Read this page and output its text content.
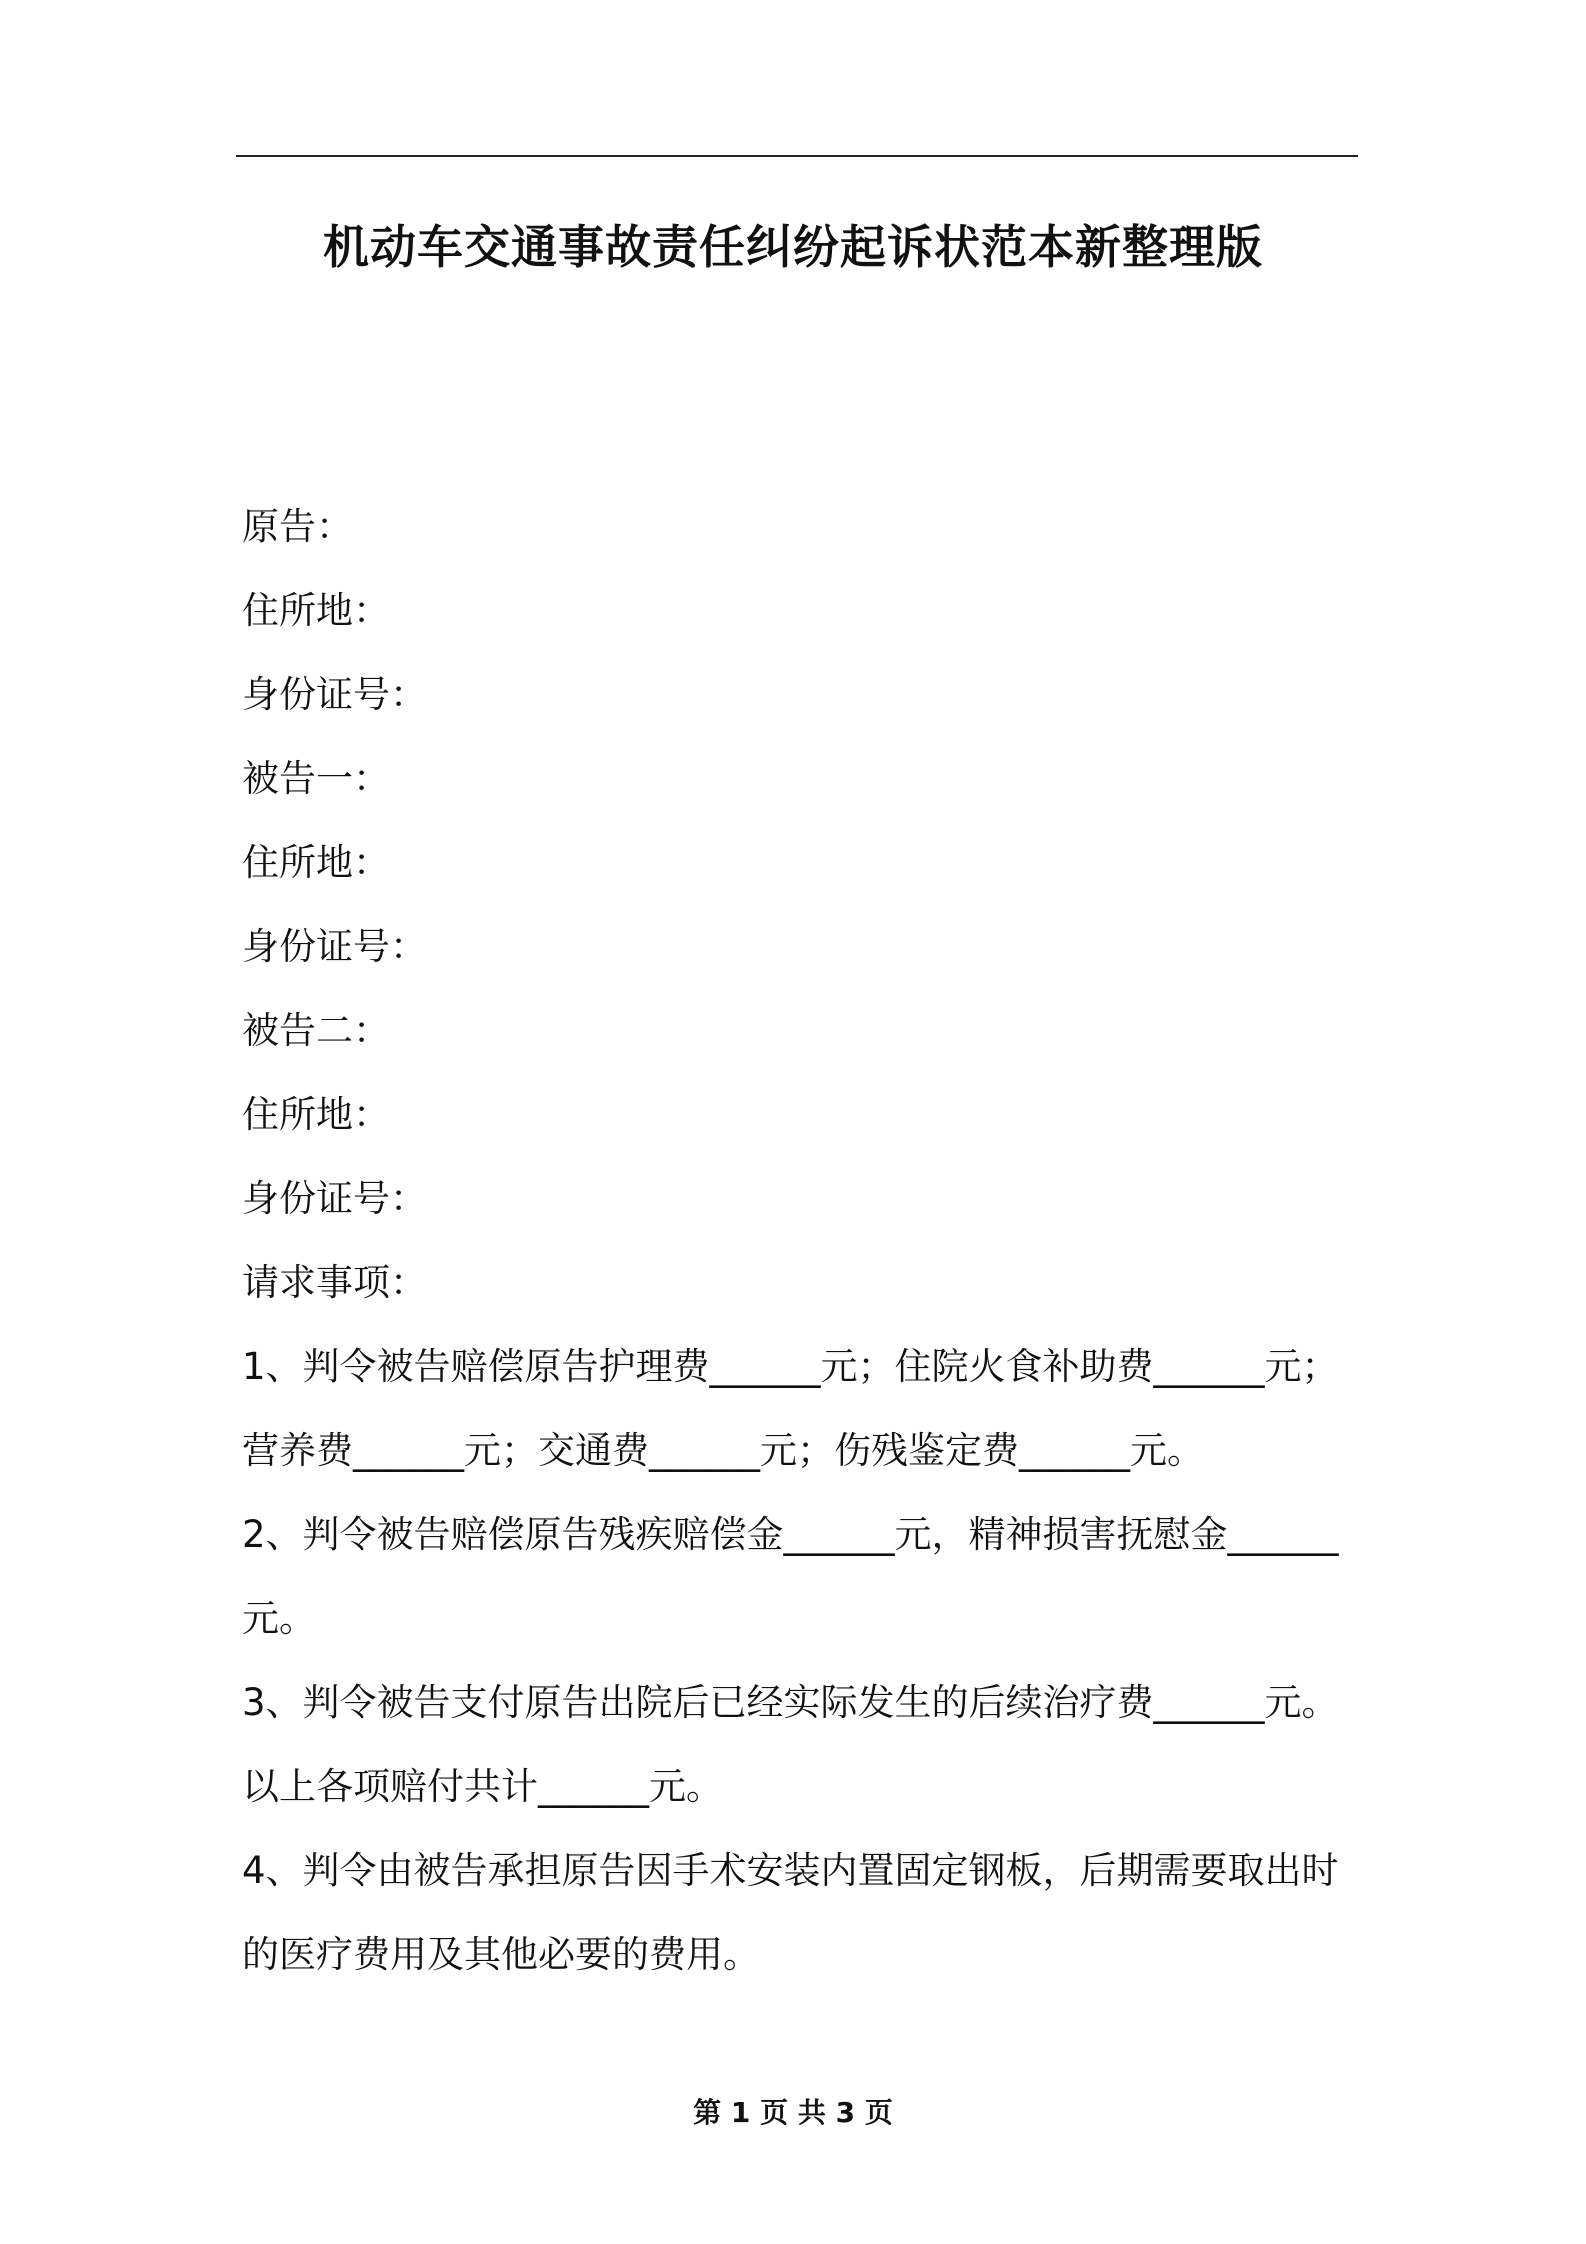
机动车交通事故责任纠纷起诉状范本新整理版

原告：

住所地：

身份证号：

被告一：

住所地：

身份证号：

被告二：

住所地：

身份证号：

请求事项：

1、判令被告赔偿原告护理费______元；住院火食补助费______元；

营养费______元；交通费______元；伤残鉴定费______元。

2、判令被告赔偿原告残疾赔偿金______元，精神损害抚慰金______

元。

3、判令被告支付原告出院后已经实际发生的后续治疗费______元。

以上各项赔付共计______元。

4、判令由被告承担原告因手术安装内置固定钢板，后期需要取出时

的医疗费用及其他必要的费用。

第 1 页 共 3 页
